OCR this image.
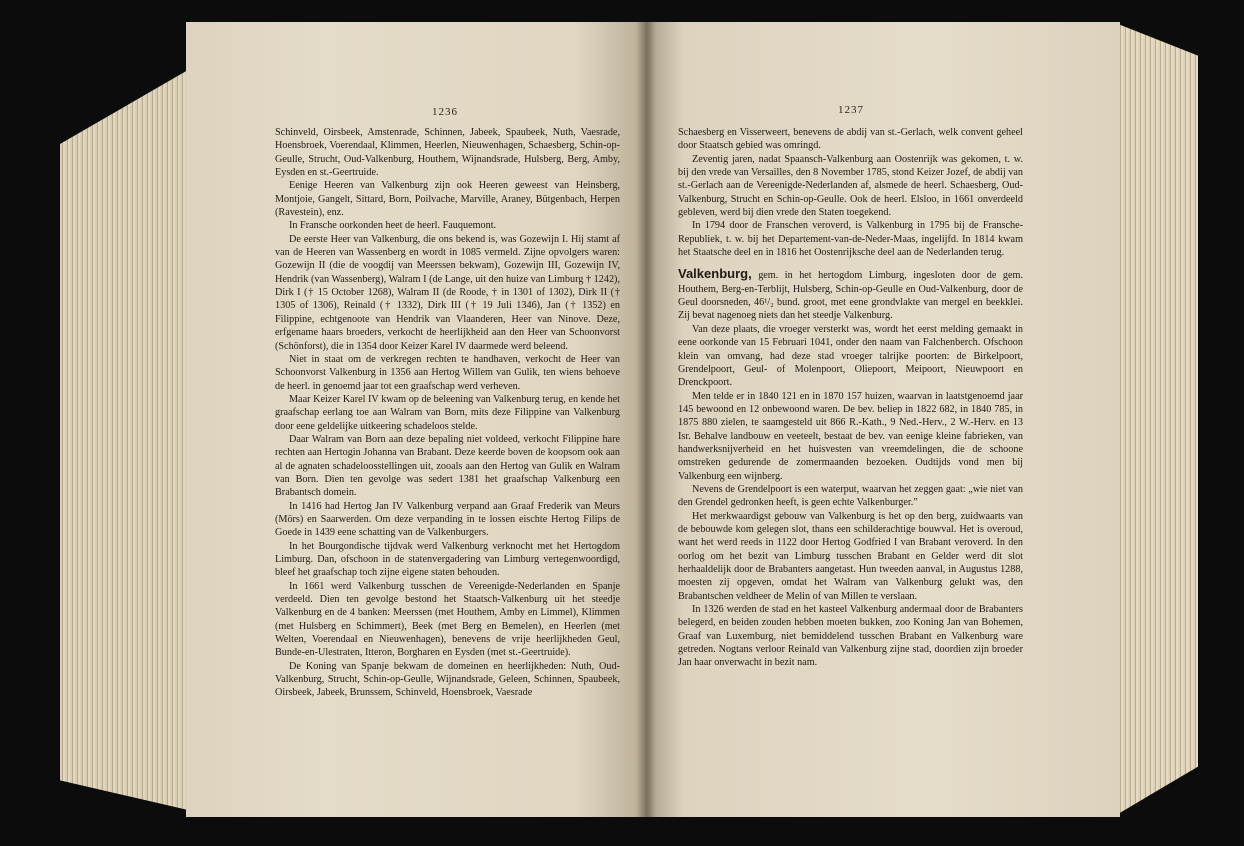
1236	1237

Schinveld, Oirsbeek, Amstenrade, Schinnen, Jabeek, Spaubeek, Nuth, Vaesrade, Hoensbroek, Voerendaal, Klimmen, Heerlen, Nieuwenhagen, Schaesberg, Schin-op-Geulle, Strucht, Oud-Valkenburg, Houthem, Wijnandsrade, Hulsberg, Berg, Amby, Eysden en st.-Geertruide.

Eenige Heeren van Valkenburg zijn ook Heeren geweest van Heinsberg, Montjoie, Gangelt, Sittard, Born, Poilvache, Marville, Araney, Bütgenbach, Herpen (Ravestein), enz.

In Fransche oorkonden heet de heerl. Fauquemont.

De eerste Heer van Valkenburg, die ons bekend is, was Gozewijn I. Hij stamt af van de Heeren van Wassenberg en wordt in 1085 vermeld. Zijne opvolgers waren: Gozewijn II (die de voogdij van Meerssen bekwam), Gozewijn III, Gozewijn IV, Hendrik (van Wassenberg), Walram I (de Lange, uit den huize van Limburg † 1242), Dirk I († 15 October 1268), Walram II (de Roode, † in 1301 of 1302), Dirk II († 1305 of 1306), Reinald († 1332), Dirk III († 19 Juli 1346), Jan († 1352) en Filippine, echtgenoote van Hendrik van Vlaanderen, Heer van Ninove. Deze, erfgename haars broeders, verkocht de heerlijkheid aan den Heer van Schoonvorst (Schönforst), die in 1354 door Keizer Karel IV daarmede werd beleend.

Niet in staat om de verkregen rechten te handhaven, verkocht de Heer van Schoonvorst Valkenburg in 1356 aan Hertog Willem van Gulik, ten wiens behoeve de heerl. in genoemd jaar tot een graafschap werd verheven.

Maar Keizer Karel IV kwam op de beleening van Valkenburg terug, en kende het graafschap eerlang toe aan Walram van Born, mits deze Filippine van Valkenburg door eene geldelijke uitkeering schadeloos stelde.

Daar Walram van Born aan deze bepaling niet voldeed, verkocht Filippine hare rechten aan Hertogin Johanna van Brabant. Deze keerde boven de koopsom ook aan al de agnaten schadeloosstellingen uit, zooals aan den Hertog van Gulik en Walram van Born. Dien ten gevolge was sedert 1381 het graafschap Valkenburg een Brabantsch domein.

In 1416 had Hertog Jan IV Valkenburg verpand aan Graaf Frederik van Meurs (Mörs) en Saarwerden. Om deze verpanding in te lossen eischte Hertog Filips de Goede in 1439 eene schatting van de Valkenburgers.

In het Bourgondische tijdvak werd Valkenburg verknocht met het Hertogdom Limburg. Dan, ofschoon in de statenvergadering van Limburg vertegenwoordigd, bleef het graafschap toch zijne eigene staten behouden.

In 1661 werd Valkenburg tusschen de Vereenigde-Nederlanden en Spanje verdeeld. Dien ten gevolge bestond het Staatsch-Valkenburg uit het steedje Valkenburg en de 4 banken: Meerssen (met Houthem, Amby en Limmel), Klimmen (met Hulsberg en Schimmert), Beek (met Berg en Bemelen), en Heerlen (met Welten, Voerendaal en Nieuwenhagen), benevens de vrije heerlijkheden Geul, Bunde-en-Ulestraten, Itteron, Borgharen en Eysden (met st.-Geertruide).

De Koning van Spanje bekwam de domeinen en heerlijkheden: Nuth, Oud-Valkenburg, Strucht, Schin-op-Geulle, Wijnandsrade, Geleen, Schinnen, Spaubeek, Oirsbeek, Jabeek, Brunssem, Schinveld, Hoensbroek, Vaesrade

Schaesberg en Visserweert, benevens de abdij van st.-Gerlach, welk convent geheel door Staatsch gebied was omringd.

Zeventig jaren, nadat Spaansch-Valkenburg aan Oostenrijk was gekomen, t. w. bij den vrede van Versailles, den 8 November 1785, stond Keizer Jozef, de abdij van st.-Gerlach aan de Vereenigde-Nederlanden af, alsmede de heerl. Schaesberg, Oud-Valkenburg, Strucht en Schin-op-Geulle. Ook de heerl. Elsloo, in 1661 onverdeeld gebleven, werd bij dien vrede den Staten toegekend.

In 1794 door de Franschen veroverd, is Valkenburg in 1795 bij de Fransche-Republiek, t. w. bij het Departement-van-de-Neder-Maas, ingelijfd. In 1814 kwam het Staatsche deel en in 1816 het Oostenrijksche deel aan de Nederlanden terug.

Valkenburg, gem. in het hertogdom Limburg, ingesloten door de gem. Houthem, Berg-en-Terblijt, Hulsberg, Schin-op-Geulle en Oud-Valkenburg, door de Geul doorsneden, 46¹/₂ bund. groot, met eene grondvlakte van mergel en beekklei. Zij bevat nagenoeg niets dan het steedje Valkenburg.

Van deze plaats, die vroeger versterkt was, wordt het eerst melding gemaakt in eene oorkonde van 15 Februari 1041, onder den naam van Falchenberch. Ofschoon klein van omvang, had deze stad vroeger talrijke poorten: de Birkelpoort, Grendelpoort, Geul- of Molenpoort, Oliepoort, Meipoort, Nieuwpoort en Drenckpoort.

Men telde er in 1840 121 en in 1870 157 huizen, waarvan in laatstgenoemd jaar 145 bewoond en 12 onbewoond waren. De bev. beliep in 1822 682, in 1840 785, in 1875 880 zielen, te saamgesteld uit 866 R.-Kath., 9 Ned.-Herv., 2 W.-Herv. en 13 Isr. Behalve landbouw en veeteelt, bestaat de bev. van eenige kleine fabrieken, van handwerksnijverheid en het huisvesten van vreemdelingen, die de schoone omstreken gedurende de zomermaanden bezoeken. Oudtijds vond men bij Valkenburg een wijnberg.

Nevens de Grendelpoort is een waterput, waarvan het zeggen gaat: „wie niet van den Grendel gedronken heeft, is geen echte Valkenburger.”

Het merkwaardigst gebouw van Valkenburg is het op den berg, zuidwaarts van de bebouwde kom gelegen slot, thans een schilderachtige bouwval. Het is overoud, want het werd reeds in 1122 door Hertog Godfried I van Brabant veroverd. In den oorlog om het bezit van Limburg tusschen Brabant en Gelder werd dit slot herhaaldelijk door de Brabanters aangetast. Hun tweeden aanval, in Augustus 1288, moesten zij opgeven, omdat het Walram van Valkenburg gelukt was, den Brabantschen veldheer de Melin of van Millen te verslaan.

In 1326 werden de stad en het kasteel Valkenburg andermaal door de Brabanters belegerd, en beiden zouden hebben moeten bukken, zoo Koning Jan van Bohemen, Graaf van Luxemburg, niet bemiddelend tusschen Brabant en Valkenburg ware getreden. Nogtans verloor Reinald van Valkenburg zijne stad, doordien zijn broeder Jan haar onverwacht in bezit nam.
